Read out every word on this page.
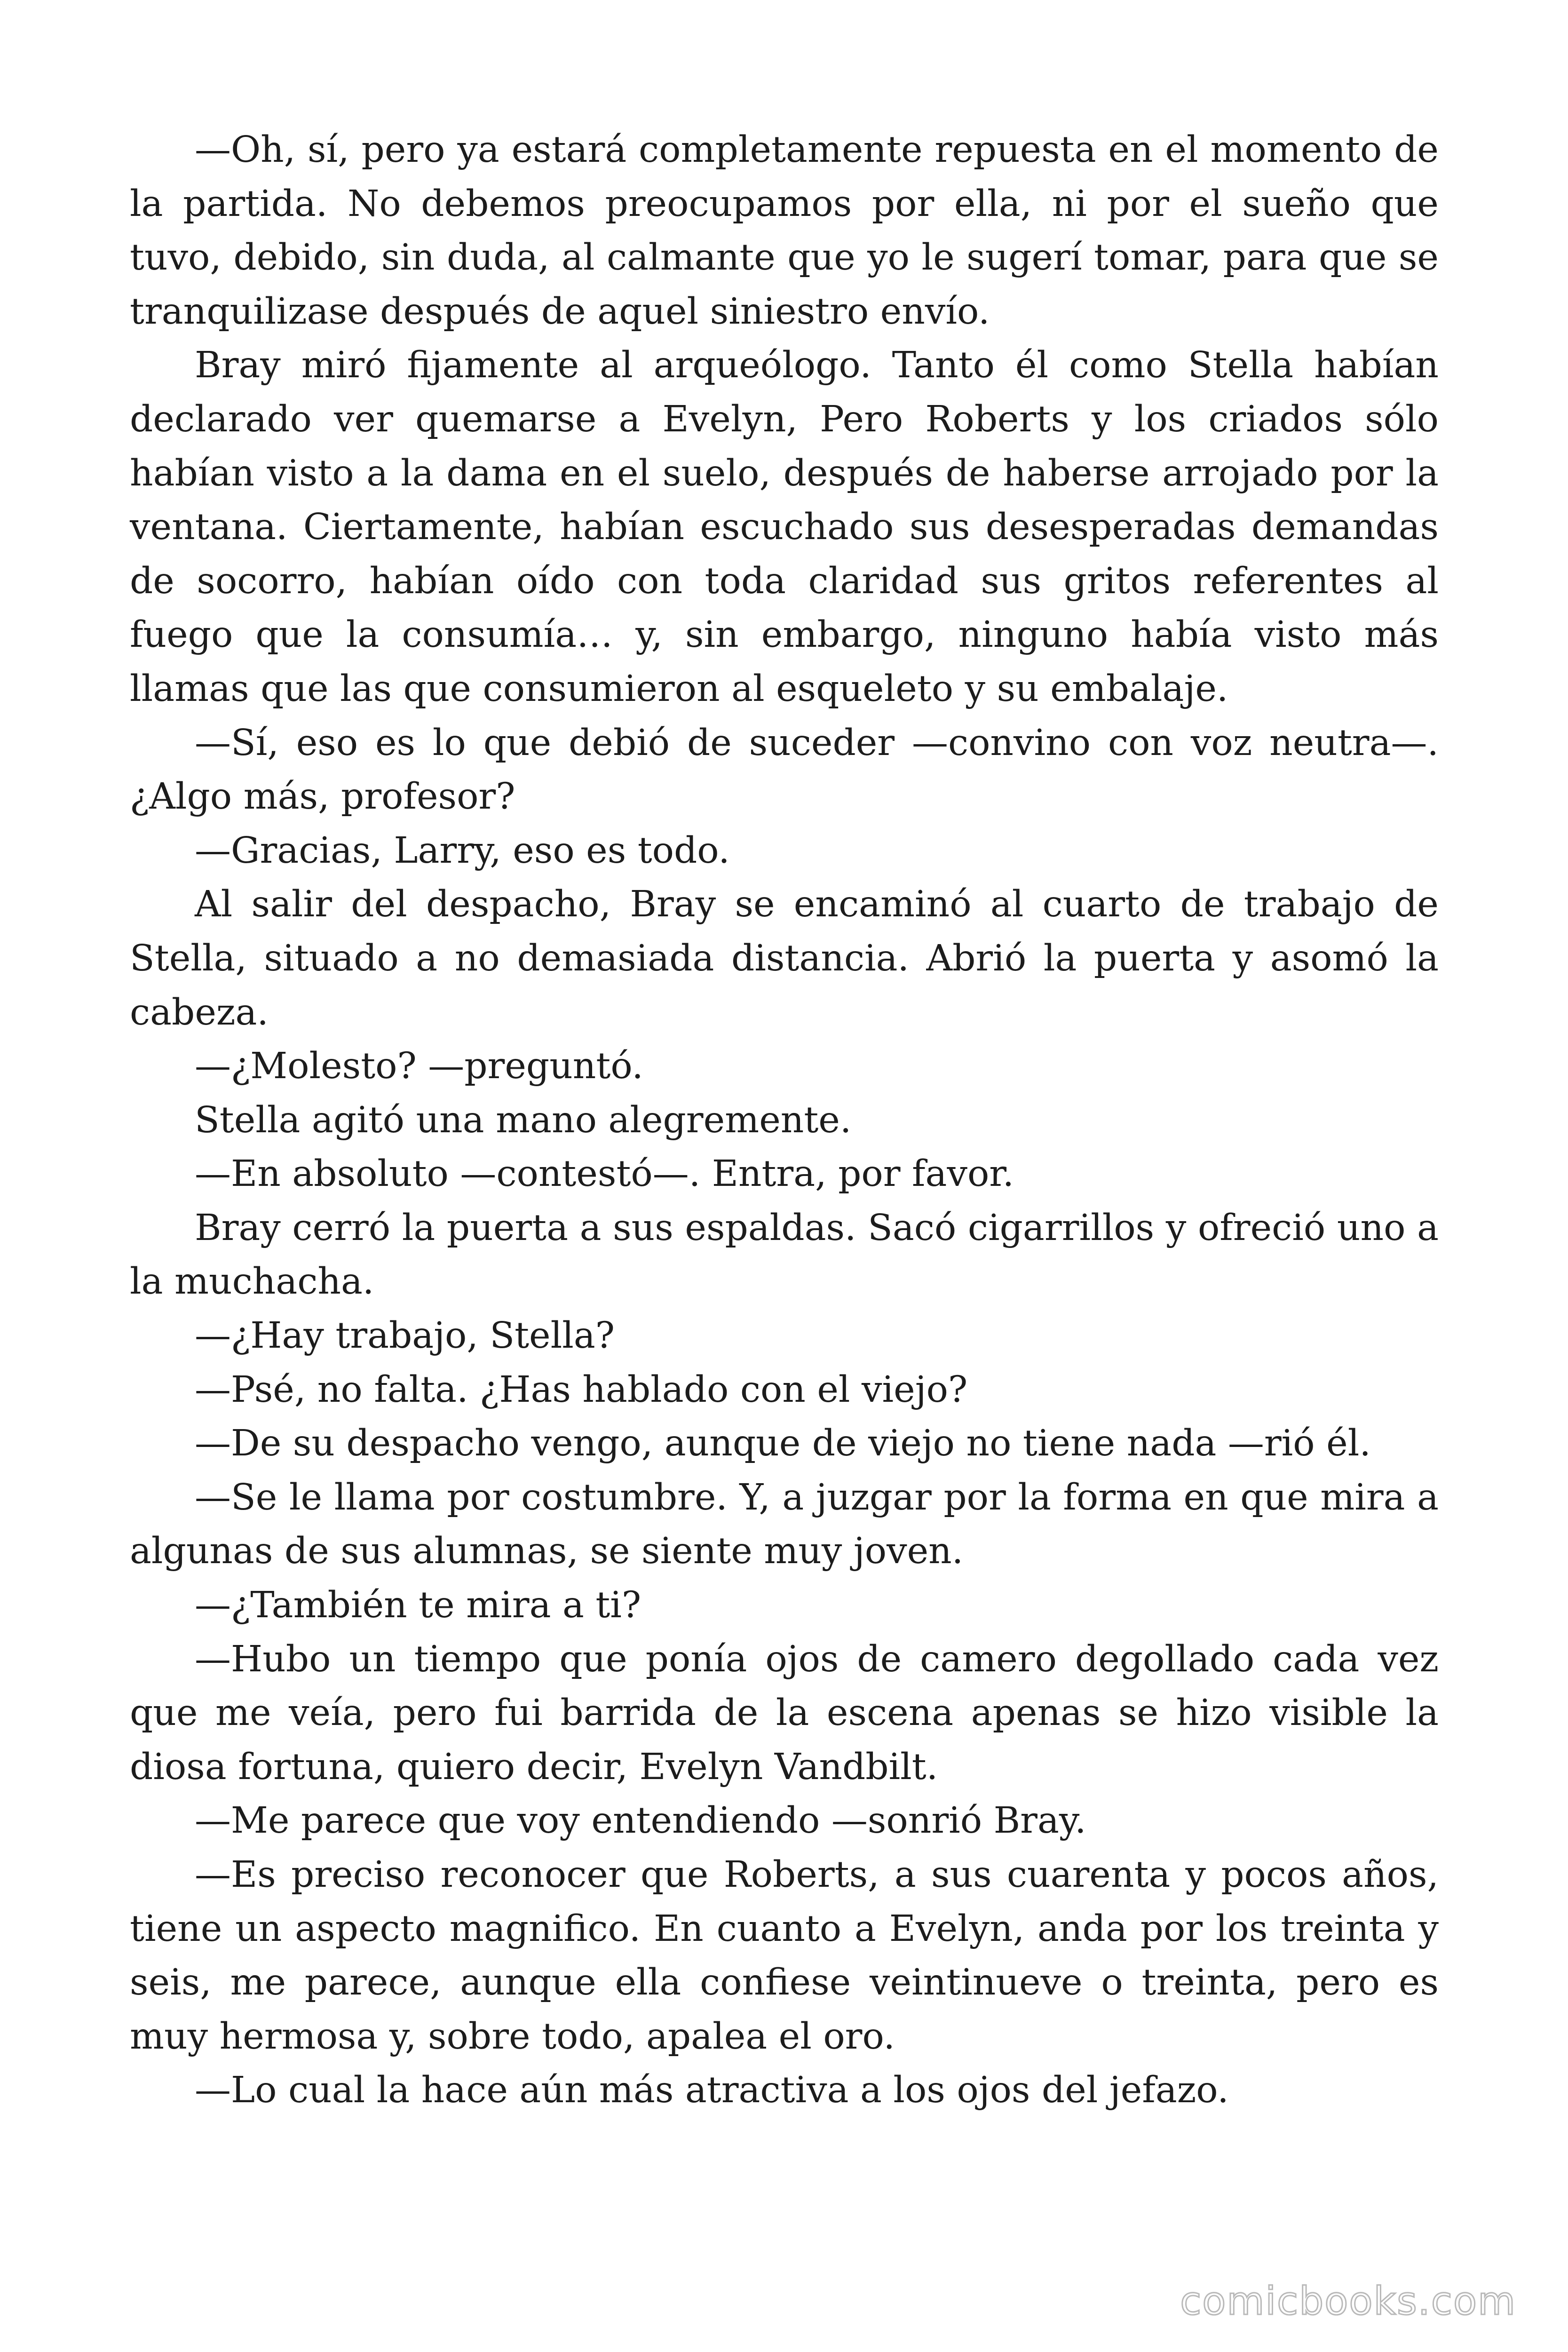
—Oh, sí, pero ya estará completamente repuesta en el momento de la partida. No debemos preocupamos por ella, ni por el sueño que tuvo, debido, sin duda, al calmante que yo le sugerí tomar, para que se tranquilizase después de aquel siniestro envío.

Bray miró fijamente al arqueólogo. Tanto él como Stella habían declarado ver quemarse a Evelyn, Pero Roberts y los criados sólo habían visto a la dama en el suelo, después de haberse arrojado por la ventana. Ciertamente, habían escuchado sus desesperadas demandas de socorro, habían oído con toda claridad sus gritos referentes al fuego que la consumía… y, sin embargo, ninguno había visto más llamas que las que consumieron al esqueleto y su embalaje.

—Sí, eso es lo que debió de suceder —convino con voz neutra—. ¿Algo más, profesor?

—Gracias, Larry, eso es todo.

Al salir del despacho, Bray se encaminó al cuarto de trabajo de Stella, situado a no demasiada distancia. Abrió la puerta y asomó la cabeza.

—¿Molesto? —preguntó.

Stella agitó una mano alegremente.

—En absoluto —contestó—. Entra, por favor.

Bray cerró la puerta a sus espaldas. Sacó cigarrillos y ofreció uno a la muchacha.

—¿Hay trabajo, Stella?

—Psé, no falta. ¿Has hablado con el viejo?

—De su despacho vengo, aunque de viejo no tiene nada —rió él.

—Se le llama por costumbre. Y, a juzgar por la forma en que mira a algunas de sus alumnas, se siente muy joven.

—¿También te mira a ti?

—Hubo un tiempo que ponía ojos de camero degollado cada vez que me veía, pero fui barrida de la escena apenas se hizo visible la diosa fortuna, quiero decir, Evelyn Vandbilt.

—Me parece que voy entendiendo —sonrió Bray.

—Es preciso reconocer que Roberts, a sus cuarenta y pocos años, tiene un aspecto magnifico. En cuanto a Evelyn, anda por los treinta y seis, me parece, aunque ella confiese veintinueve o treinta, pero es muy hermosa y, sobre todo, apalea el oro.

—Lo cual la hace aún más atractiva a los ojos del jefazo.

comicbooks.com
